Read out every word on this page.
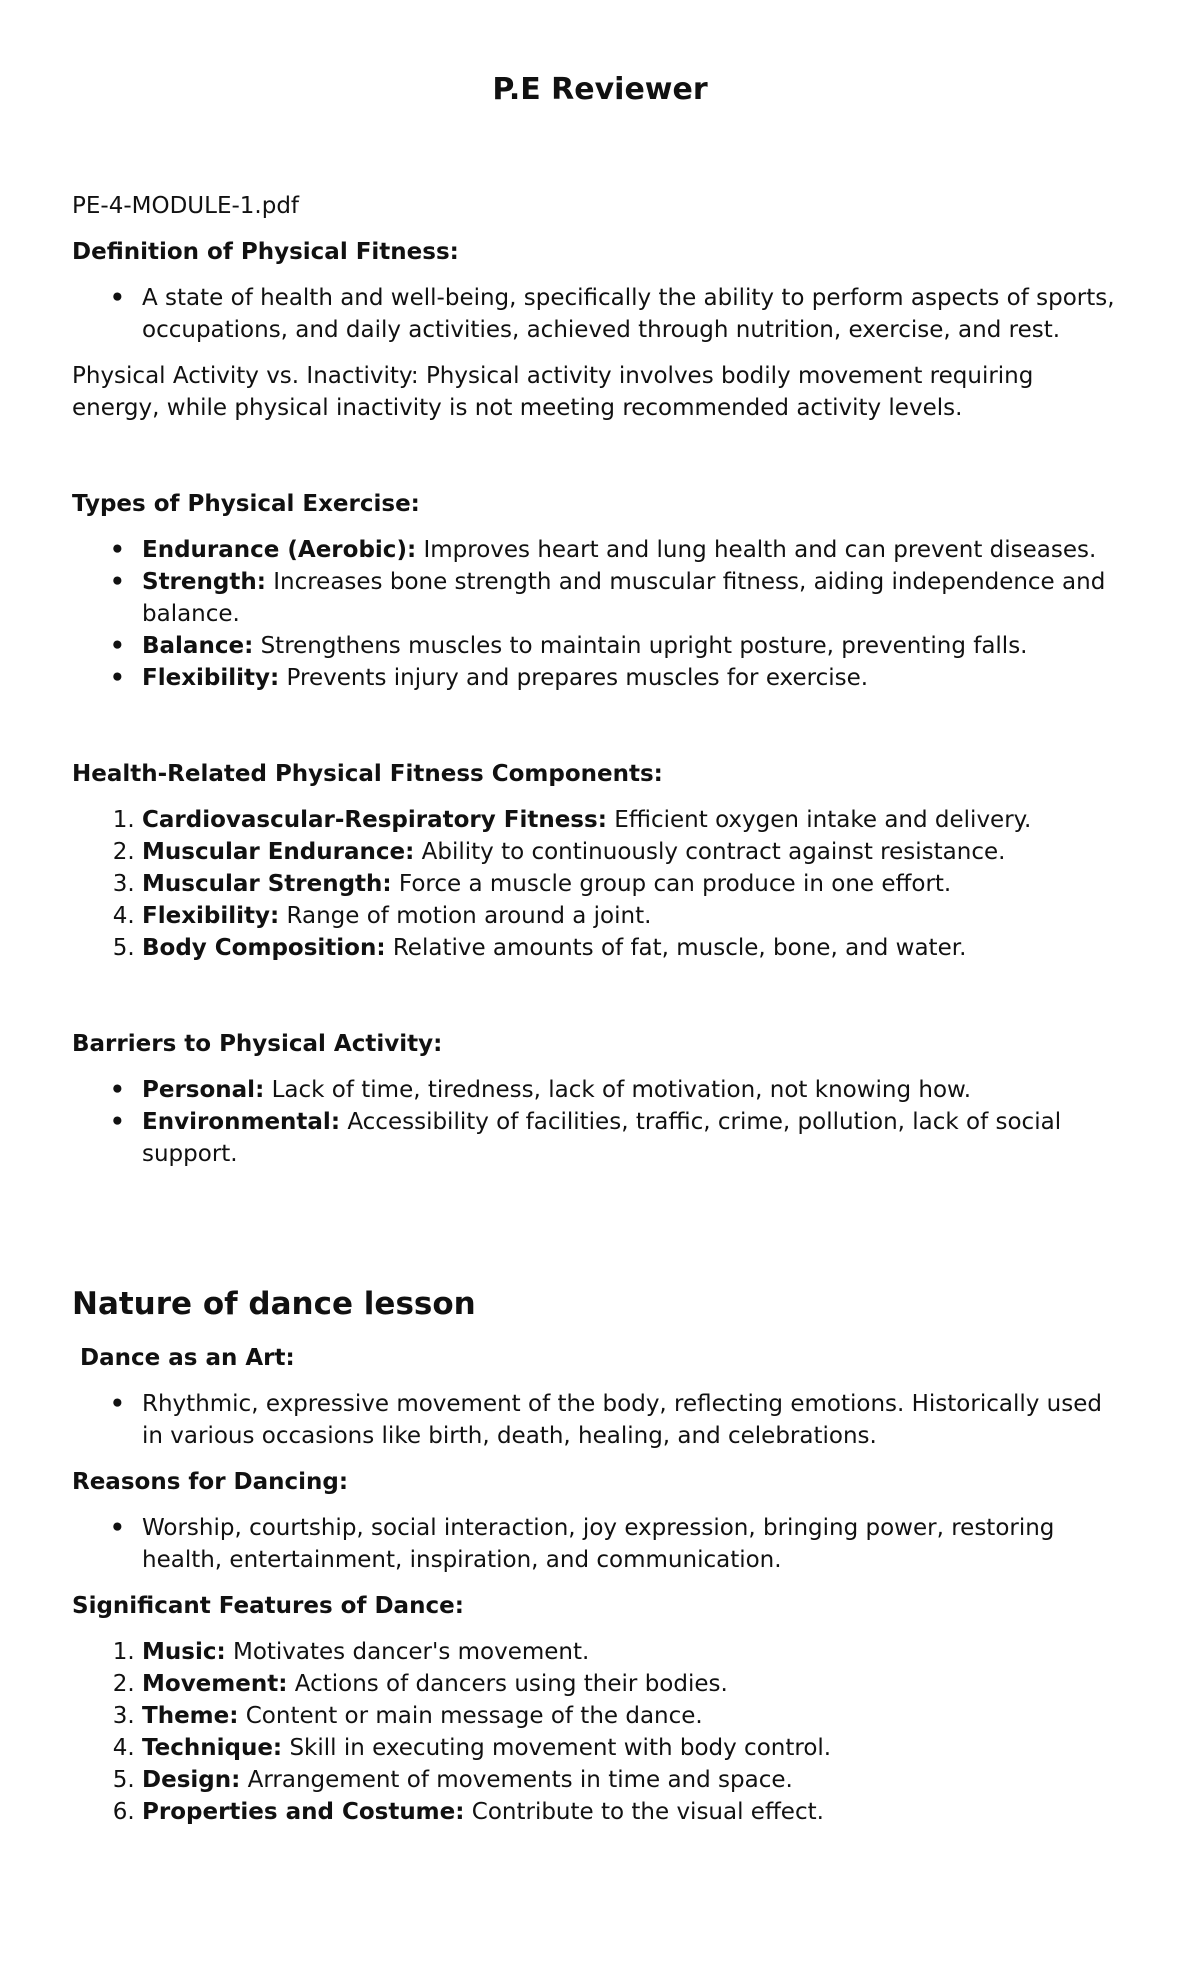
P.E Reviewer

PE-4-MODULE-1.pdf

Definition of Physical Fitness:

• A state of health and well-being, specifically the ability to perform aspects of sports, occupations, and daily activities, achieved through nutrition, exercise, and rest.

Physical Activity vs. Inactivity: Physical activity involves bodily movement requiring energy, while physical inactivity is not meeting recommended activity levels.

Types of Physical Exercise:

• Endurance (Aerobic): Improves heart and lung health and can prevent diseases.
• Strength: Increases bone strength and muscular fitness, aiding independence and balance.
• Balance: Strengthens muscles to maintain upright posture, preventing falls.
• Flexibility: Prevents injury and prepares muscles for exercise.

Health-Related Physical Fitness Components:

1. Cardiovascular-Respiratory Fitness: Efficient oxygen intake and delivery.
2. Muscular Endurance: Ability to continuously contract against resistance.
3. Muscular Strength: Force a muscle group can produce in one effort.
4. Flexibility: Range of motion around a joint.
5. Body Composition: Relative amounts of fat, muscle, bone, and water.

Barriers to Physical Activity:

• Personal: Lack of time, tiredness, lack of motivation, not knowing how.
• Environmental: Accessibility of facilities, traffic, crime, pollution, lack of social support.
Nature of dance lesson

Dance as an Art:

• Rhythmic, expressive movement of the body, reflecting emotions. Historically used in various occasions like birth, death, healing, and celebrations.

Reasons for Dancing:

• Worship, courtship, social interaction, joy expression, bringing power, restoring health, entertainment, inspiration, and communication.

Significant Features of Dance:

1. Music: Motivates dancer's movement.
2. Movement: Actions of dancers using their bodies.
3. Theme: Content or main message of the dance.
4. Technique: Skill in executing movement with body control.
5. Design: Arrangement of movements in time and space.
6. Properties and Costume: Contribute to the visual effect.
